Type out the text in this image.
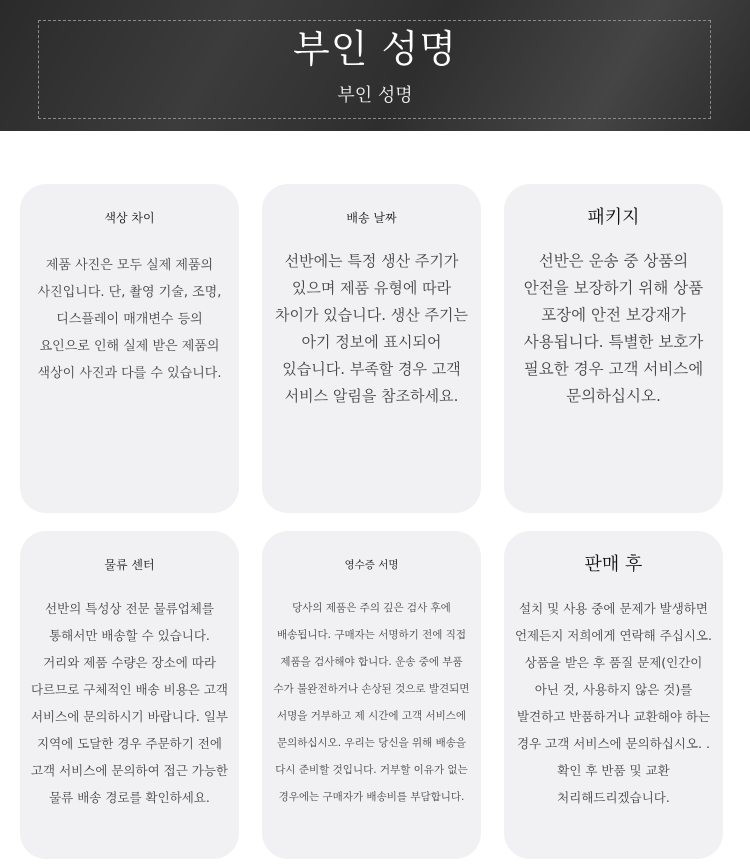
부인 성명
부인 성명
색상 차이
제품 사진은 모두 실제 제품의 사진입니다. 단, 촬영 기술, 조명, 디스플레이 매개변수 등의 요인으로 인해 실제 받은 제품의 색상이 사진과 다를 수 있습니다.
배송 날짜
선반에는 특정 생산 주기가 있으며 제품 유형에 따라 차이가 있습니다. 생산 주기는 아기 정보에 표시되어 있습니다. 부족할 경우 고객 서비스 알림을 참조하세요.
패키지
선반은 운송 중 상품의 안전을 보장하기 위해 상품 포장에 안전 보강재가 사용됩니다. 특별한 보호가 필요한 경우 고객 서비스에 문의하십시오.
물류 센터
선반의 특성상 전문 물류업체를 통해서만 배송할 수 있습니다. 거리와 제품 수량은 장소에 따라 다르므로 구체적인 배송 비용은 고객 서비스에 문의하시기 바랍니다. 일부 지역에 도달한 경우 주문하기 전에 고객 서비스에 문의하여 접근 가능한 물류 배송 경로를 확인하세요.
영수증 서명
당사의 제품은 주의 깊은 검사 후에 배송됩니다. 구매자는 서명하기 전에 직접 제품을 검사해야 합니다. 운송 중에 부품 수가 불완전하거나 손상된 것으로 발견되면 서명을 거부하고 제 시간에 고객 서비스에 문의하십시오. 우리는 당신을 위해 배송을 다시 준비할 것입니다. 거부할 이유가 없는 경우에는 구매자가 배송비를 부담합니다.
판매 후
설치 및 사용 중에 문제가 발생하면 언제든지 저희에게 연락해 주십시오. 상품을 받은 후 품질 문제(인간이 아닌 것, 사용하지 않은 것)를 발견하고 반품하거나 교환해야 하는 경우 고객 서비스에 문의하십시오. . 확인 후 반품 및 교환 처리해드리겠습니다.
